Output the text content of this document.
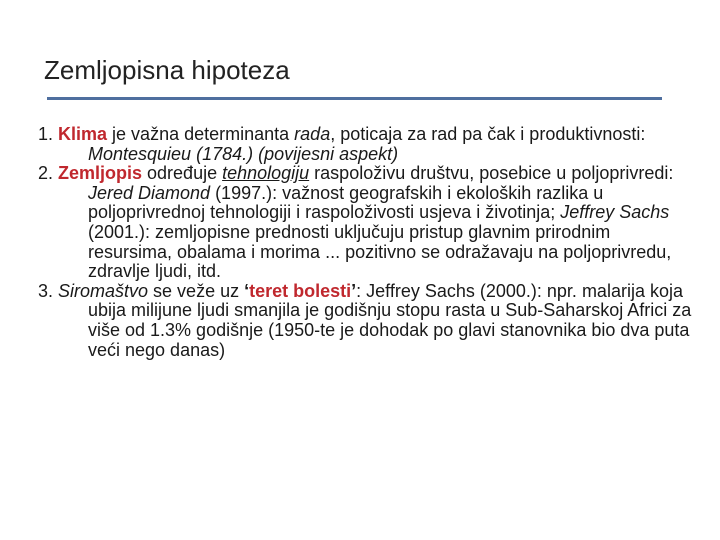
Zemljopisna hipoteza

1. Klima je važna determinanta rada, poticaja za rad pa čak i produktivnosti: Montesquieu (1784.) (povijesni aspekt)

2. Zemljopis određuje tehnologiju raspoloživu društvu, posebice u poljoprivredi: Jered Diamond (1997.): važnost geografskih i ekoloških razlika u poljoprivrednoj tehnologiji i raspoloživosti usjeva i životinja; Jeffrey Sachs (2001.): zemljopisne prednosti uključuju pristup glavnim prirodnim resursima, obalama i morima ... pozitivno se odražavaju na poljoprivredu, zdravlje ljudi, itd.

3. Siromaštvo se veže uz ‘teret bolesti’: Jeffrey Sachs (2000.): npr. malarija koja ubija milijune ljudi smanjila je godišnju stopu rasta u Sub-Saharskoj Africi za više od 1.3% godišnje (1950-te je dohodak po glavi stanovnika bio dva puta veći nego danas)
